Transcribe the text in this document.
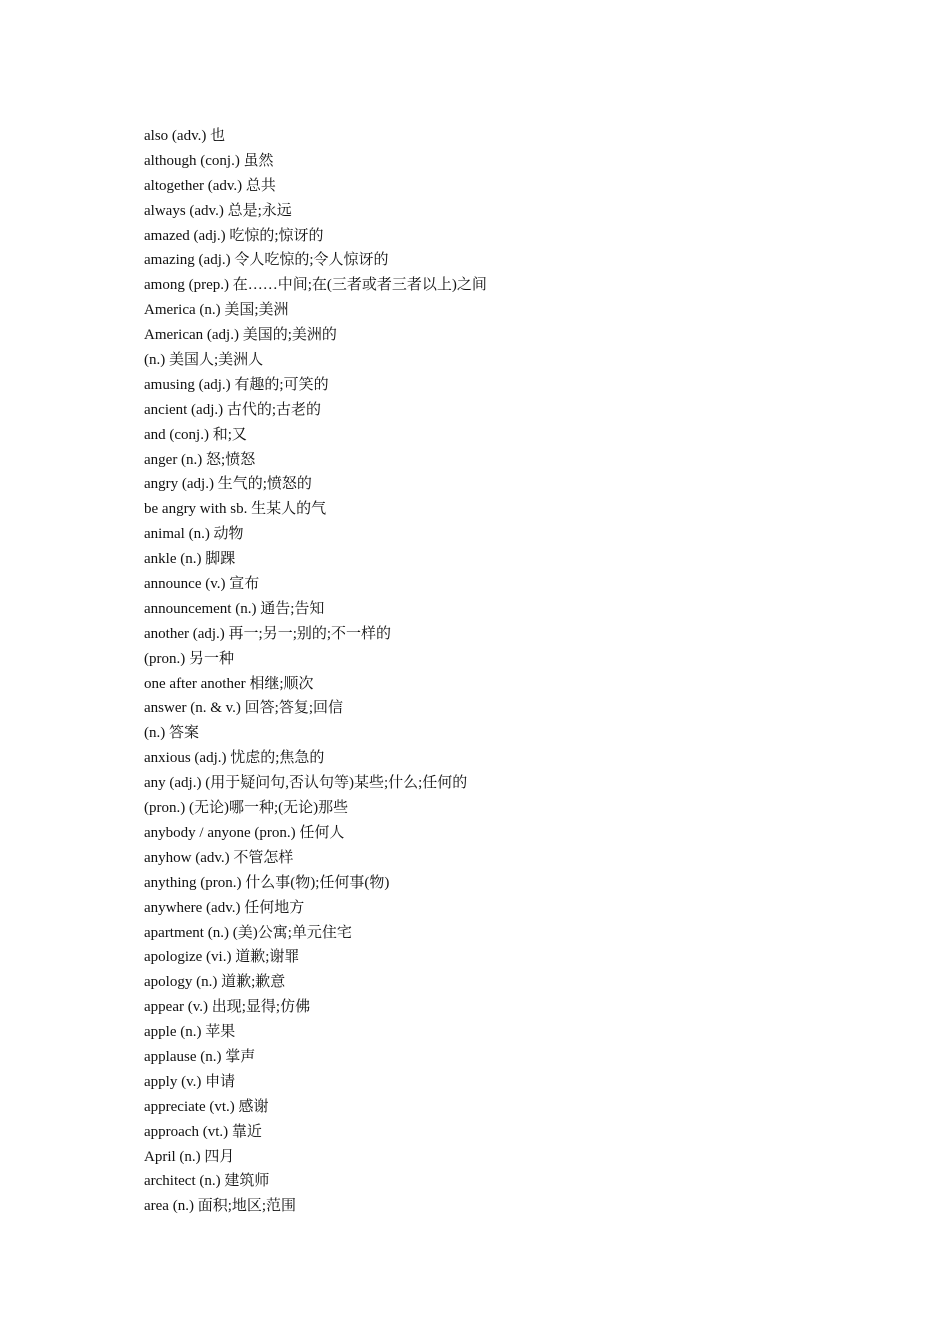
also (adv.) 也
although (conj.) 虽然
altogether (adv.) 总共
always (adv.) 总是;永远
amazed (adj.) 吃惊的;惊讶的
amazing (adj.) 令人吃惊的;令人惊讶的
among (prep.) 在……中间;在(三者或者三者以上)之间
America (n.) 美国;美洲
American (adj.) 美国的;美洲的
(n.) 美国人;美洲人
amusing (adj.) 有趣的;可笑的
ancient (adj.) 古代的;古老的
and (conj.) 和;又
anger (n.) 怒;愤怒
angry (adj.) 生气的;愤怒的
be angry with sb. 生某人的气
animal (n.) 动物
ankle (n.) 脚踝
announce (v.) 宣布
announcement (n.) 通告;告知
another (adj.) 再一;另一;别的;不一样的
(pron.) 另一种
one after another 相继;顺次
answer (n. & v.) 回答;答复;回信
(n.) 答案
anxious (adj.) 忧虑的;焦急的
any (adj.) (用于疑问句,否认句等)某些;什么;任何的
(pron.) (无论)哪一种;(无论)那些
anybody / anyone (pron.) 任何人
anyhow (adv.) 不管怎样
anything (pron.) 什么事(物);任何事(物)
anywhere (adv.) 任何地方
apartment (n.) (美)公寓;单元住宅
apologize (vi.) 道歉;谢罪
apology (n.) 道歉;歉意
appear (v.) 出现;显得;仿佛
apple (n.) 苹果
applause (n.) 掌声
apply (v.) 申请
appreciate (vt.) 感谢
approach (vt.) 靠近
April (n.) 四月
architect (n.) 建筑师
area (n.) 面积;地区;范围
